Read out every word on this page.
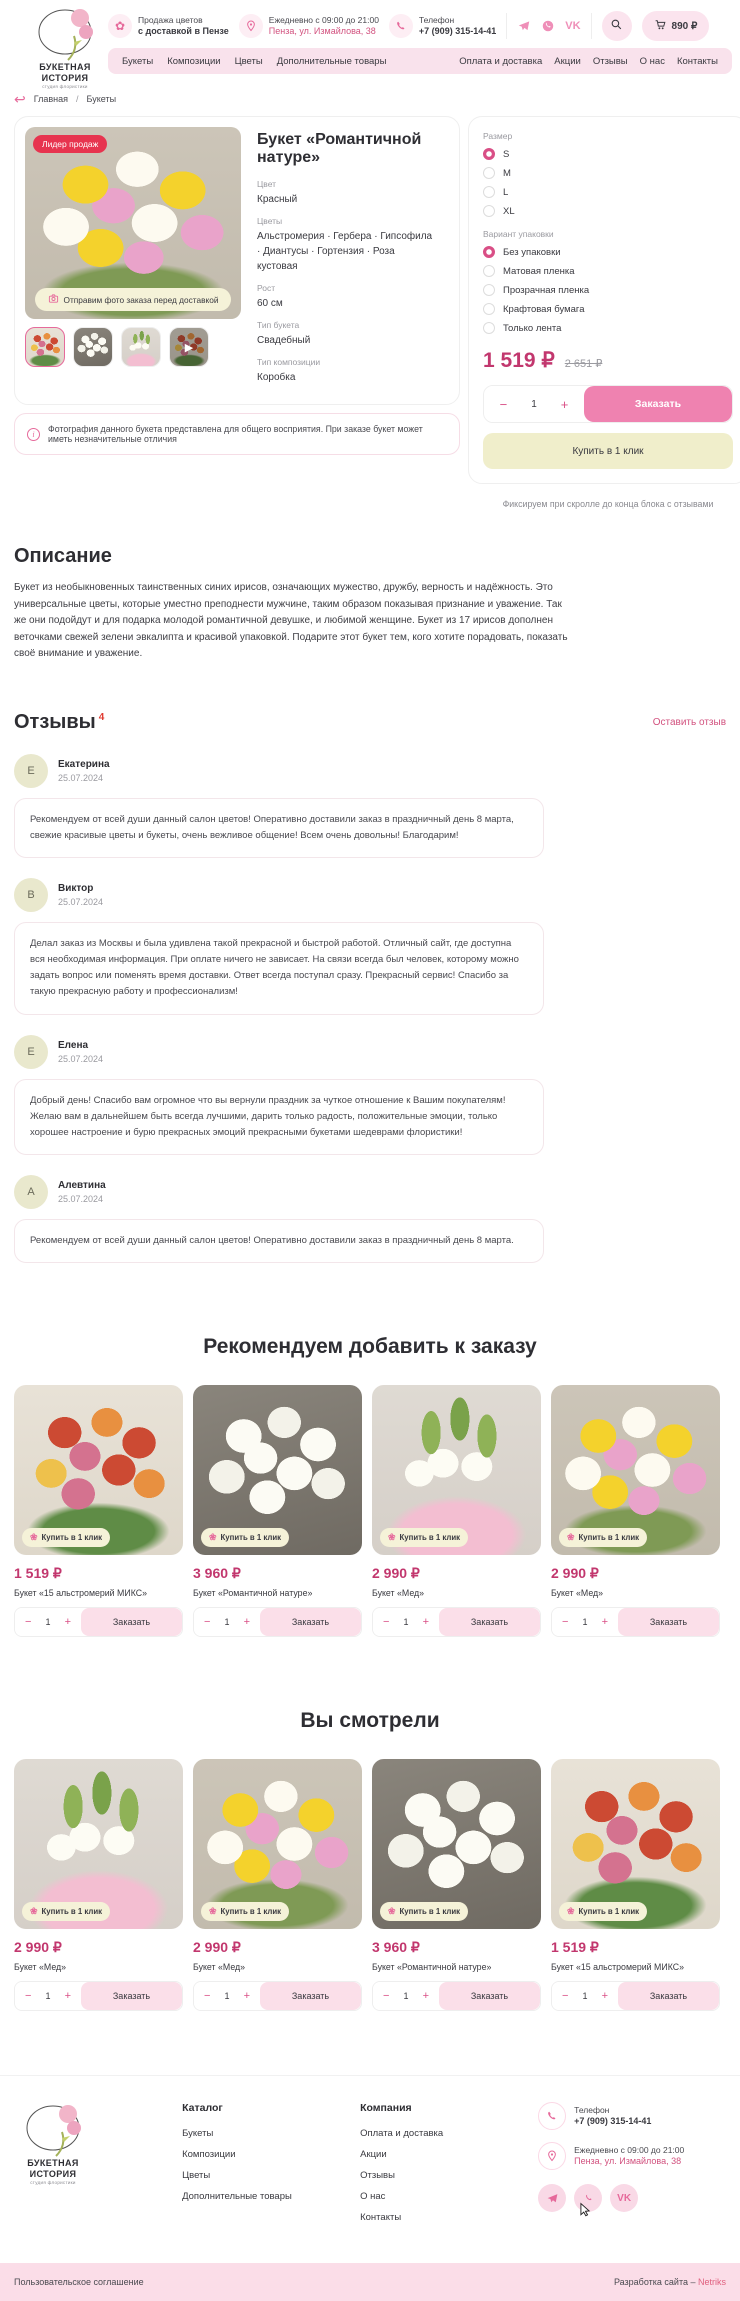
БУКЕТНАЯ
ИСТОРИЯ
студия флористики
✿	Продажа цветов
с доставкой в Пензе
Ежедневно с 09:00 до 21:00
Пенза, ул. Измайлова, 38
Телефон
+7 (909) 315-14-41	VK	890 ₽
Букеты Композиции Цветы Дополнительные товары	Оплата и доставка Акции Отзывы О нас Контакты
↩ Главная / Букеты
Лидер продаж
Отправим фото заказа перед доставкой
▶
Букет «Романтичной натуре»
Цвет
Красный
Цветы
Альстромерия · Гербера · Гипсофила · Диантусы · Гортензия · Роза кустовая
Рост
60 см
Тип букета
Свадебный
Тип композиции
Коробка
i	Фотография данного букета представлена для общего восприятия. При заказе букет может иметь незначительные отличия

Размер
S
M
L
XL
Вариант упаковки
Без упаковки
Матовая пленка
Прозрачная пленка
Крафтовая бумага
Только лента
1 519 ₽ 2 651 ₽
−	1	+	Заказать
Купить в 1 клик
Фиксируем при скролле до конца блока с отзывами
Описание

Букет из необыкновенных таинственных синих ирисов, означающих мужество, дружбу, верность и надёжность. Это универсальные цветы, которые уместно преподнести мужчине, таким образом показывая признание и уважение. Так же они подойдут и для подарка молодой романтичной девушке, и любимой женщине. Букет из 17 ирисов дополнен веточками свежей зелени эвкалипта и красивой упаковкой. Подарите этот букет тем, кого хотите порадовать, показать своё внимание и уважение.

Отзывы $^4$	Оставить отзыв
Е
Екатерина
25.07.2024
Рекомендуем от всей души данный салон цветов! Оперативно доставили заказ в праздничный день 8 марта, свежие красивые цветы и букеты, очень вежливое общение! Всем очень довольны! Благодарим!
В
Виктор
25.07.2024
Делал заказ из Москвы и была удивлена такой прекрасной и быстрой работой. Отличный сайт, где доступна вся необходимая информация. При оплате ничего не зависает. На связи всегда был человек, которому можно задать вопрос или поменять время доставки. Ответ всегда поступал сразу. Прекрасный сервис! Спасибо за такую прекрасную работу и профессионализм!
Е
Елена
25.07.2024
Добрый день! Спасибо вам огромное что вы вернули праздник за чуткое отношение к Вашим покупателям! Желаю вам в дальнейшем быть всегда лучшими, дарить только радость, положительные эмоции, только хорошее настроение и бурю прекрасных эмоций прекрасными букетами шедеврами флористики!
А
Алевтина
25.07.2024
Рекомендуем от всей души данный салон цветов! Оперативно доставили заказ в праздничный день 8 марта.
Рекомендуем добавить к заказу
❀ Купить в 1 клик
1 519 ₽
Букет «15 альстромерий МИКС»
−	1	+	Заказать
❀ Купить в 1 клик
3 960 ₽
Букет «Романтичной натуре»
−	1	+	Заказать
❀ Купить в 1 клик
2 990 ₽
Букет «Мед»
−	1	+	Заказать
❀ Купить в 1 клик
2 990 ₽
Букет «Мед»
−	1	+	Заказать
Вы смотрели
❀ Купить в 1 клик
2 990 ₽
Букет «Мед»
−	1	+	Заказать
❀ Купить в 1 клик
2 990 ₽
Букет «Мед»
−	1	+	Заказать
❀ Купить в 1 клик
3 960 ₽
Букет «Романтичной натуре»
−	1	+	Заказать
❀ Купить в 1 клик
1 519 ₽
Букет «15 альстромерий МИКС»
−	1	+	Заказать
БУКЕТНАЯ
ИСТОРИЯ
студия флористики
Каталог
Букеты
Композиции
Цветы
Дополнительные товары
Компания
Оплата и доставка
Акции
Отзывы
О нас
Контакты
Телефон
+7 (909) 315-14-41
Ежедневно с 09:00 до 21:00
Пенза, ул. Измайлова, 38
VK
Пользовательское соглашение	Разработка сайта – Netriks
